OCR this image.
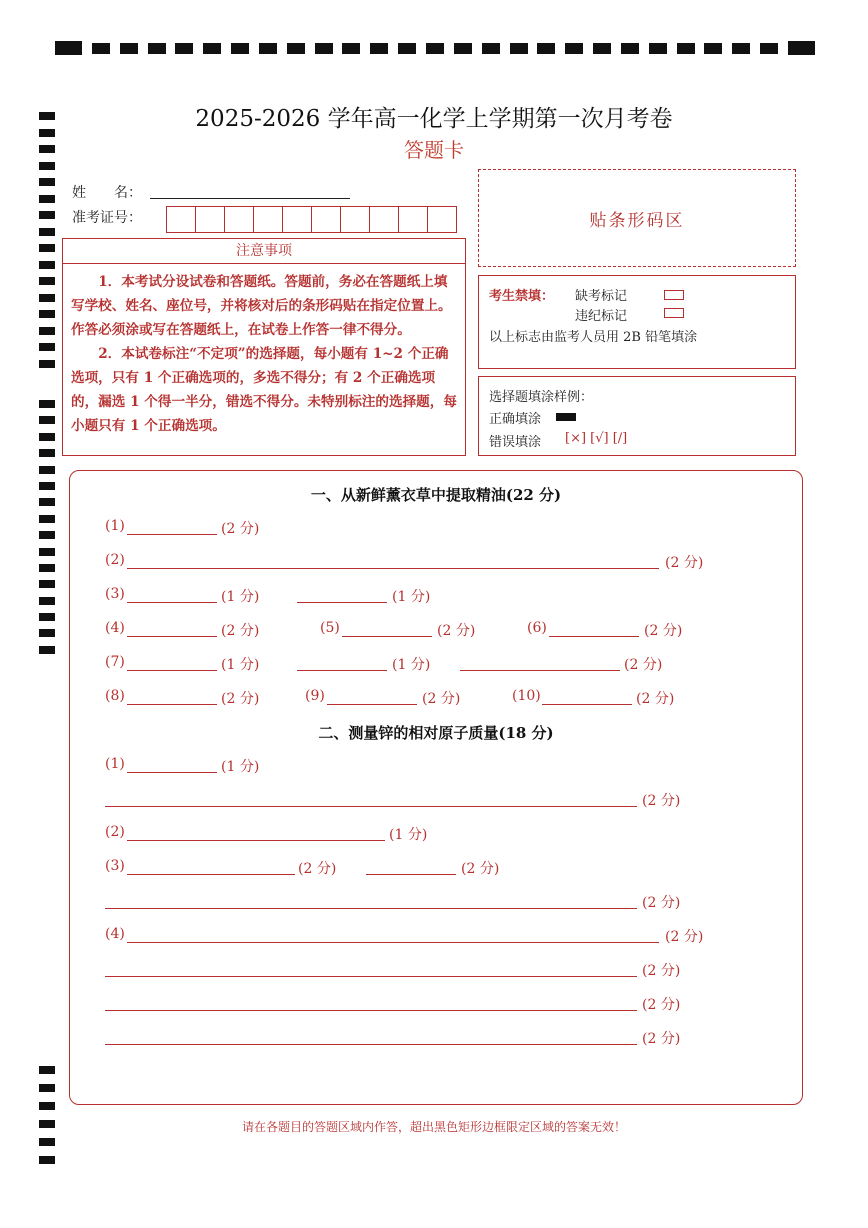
2025-2026 学年高一化学上学期第一次月考卷
答题卡
姓　　名：
准考证号：	贴条形码区
注意事项

1．本考试分设试卷和答题纸。答题前，务必在答题纸上填写学校、姓名、座位号，并将核对后的条形码贴在指定位置上。作答必须涂或写在答题纸上，在试卷上作答一律不得分。

2．本试卷标注“不定项”的选择题，每小题有 1~2 个正确选项，只有 1 个正确选项的，多选不得分；有 2 个正确选项的，漏选 1 个得一半分，错选不得分。未特别标注的选择题，每小题只有 1 个正确选项。

考生禁填： 缺考标记
违纪标记
以上标志由监考人员用 2B 铅笔填涂
选择题填涂样例：
正确填涂
错误填涂 [×] [√] [/]
一、从新鲜薰衣草中提取精油(22 分)
(1)	(2 分)
(2)	(2 分)
(3)	(1 分)	(1 分)
(4)	(2 分)	(5)	(2 分)	(6)	(2 分)
(7)	(1 分)	(1 分)	(2 分)
(8)	(2 分)	(9)	(2 分)	(10)	(2 分)
二、测量锌的相对原子质量(18 分)
(1)	(1 分)
(2 分)
(2)	(1 分)
(3)	(2 分)	(2 分)
(2 分)
(4)	(2 分)
(2 分)
(2 分)
(2 分)
请在各题目的答题区域内作答，超出黑色矩形边框限定区域的答案无效！
